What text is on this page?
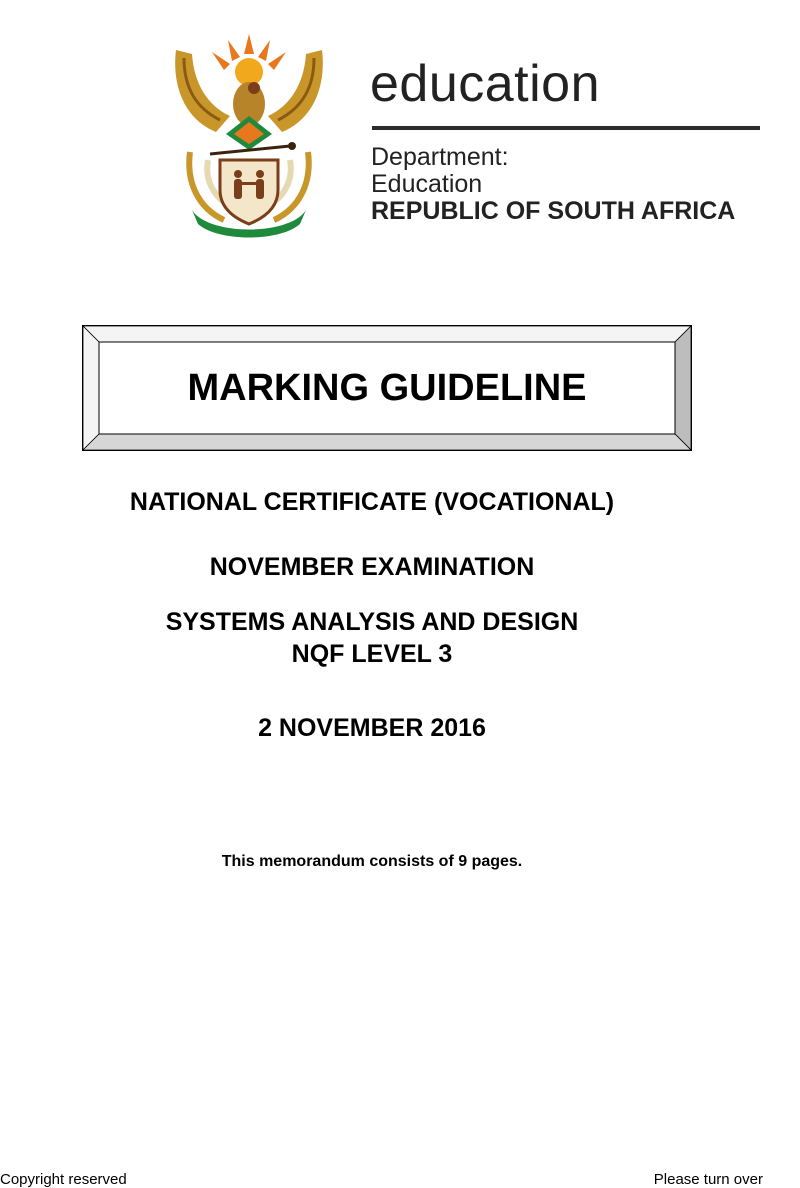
education
Department:
Education
REPUBLIC OF SOUTH AFRICA
MARKING GUIDELINE
NATIONAL CERTIFICATE (VOCATIONAL)
NOVEMBER EXAMINATION
SYSTEMS ANALYSIS AND DESIGN
NQF LEVEL 3
2 NOVEMBER 2016
This memorandum consists of 9 pages.
Copyright reserved	Please turn over
